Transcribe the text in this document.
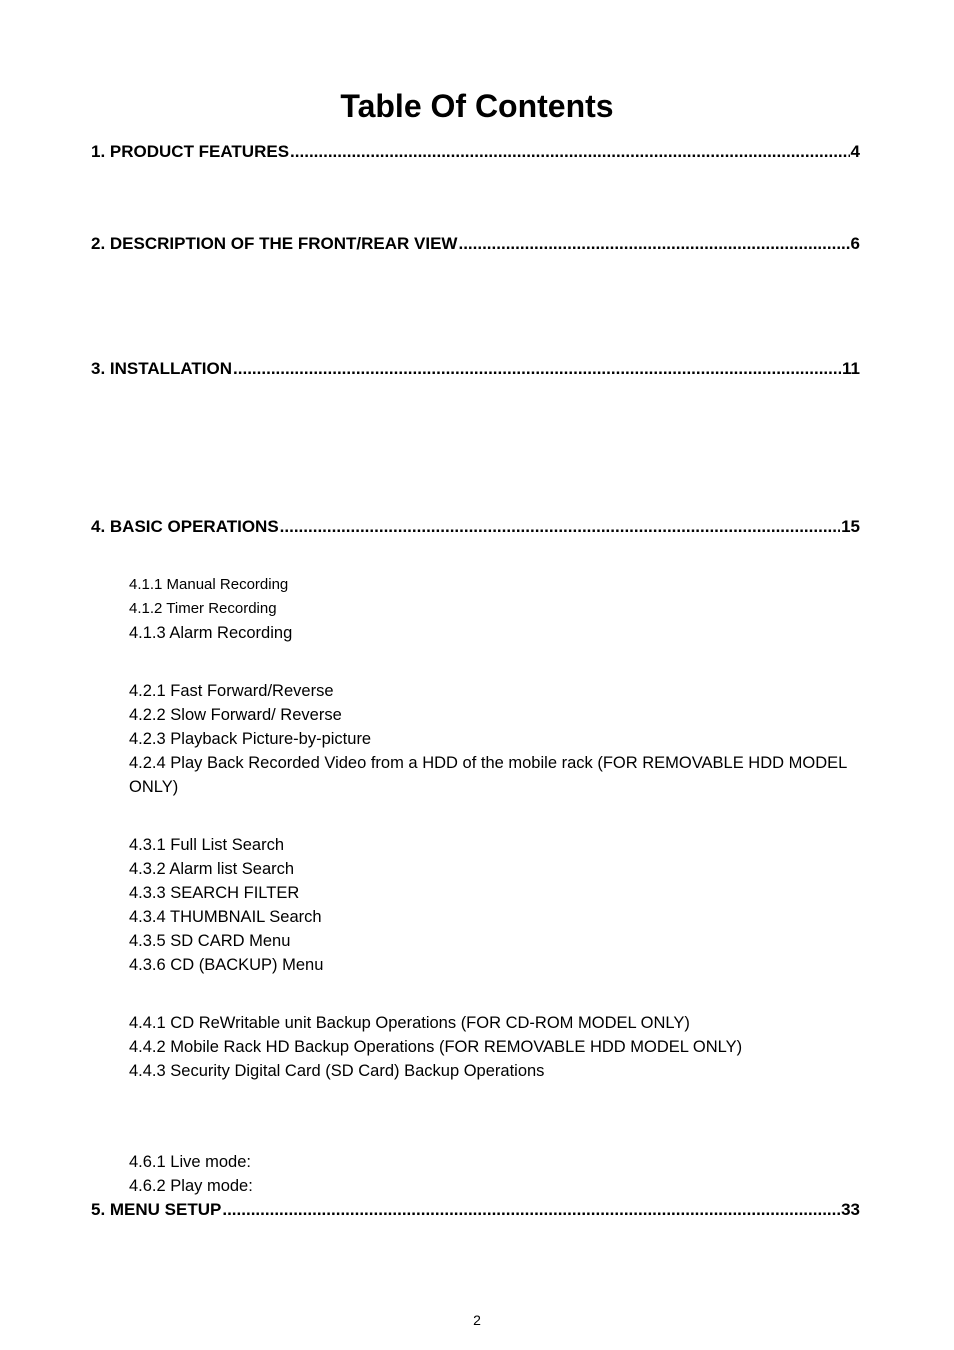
Table Of Contents
1. PRODUCT FEATURES .....	4
2. DESCRIPTION OF THE FRONT/REAR VIEW .....	6
3. INSTALLATION .....	11
4. BASIC OPERATIONS .....	15
4.1.1 Manual Recording
4.1.2 Timer Recording
4.1.3 Alarm Recording
4.2.1 Fast Forward/Reverse
4.2.2 Slow Forward/ Reverse
4.2.3 Playback Picture-by-picture
4.2.4 Play Back Recorded Video from a HDD of the mobile rack (FOR REMOVABLE HDD MODEL ONLY)
4.3.1 Full List Search
4.3.2 Alarm list Search
4.3.3 SEARCH FILTER
4.3.4 THUMBNAIL Search
4.3.5 SD CARD Menu
4.3.6 CD (BACKUP) Menu
4.4.1 CD ReWritable unit Backup Operations (FOR CD-ROM MODEL ONLY)
4.4.2 Mobile Rack HD Backup Operations (FOR REMOVABLE HDD MODEL ONLY)
4.4.3 Security Digital Card (SD Card) Backup Operations
4.6.1 Live mode:
4.6.2 Play mode:
5. MENU SETUP .....	33
2
